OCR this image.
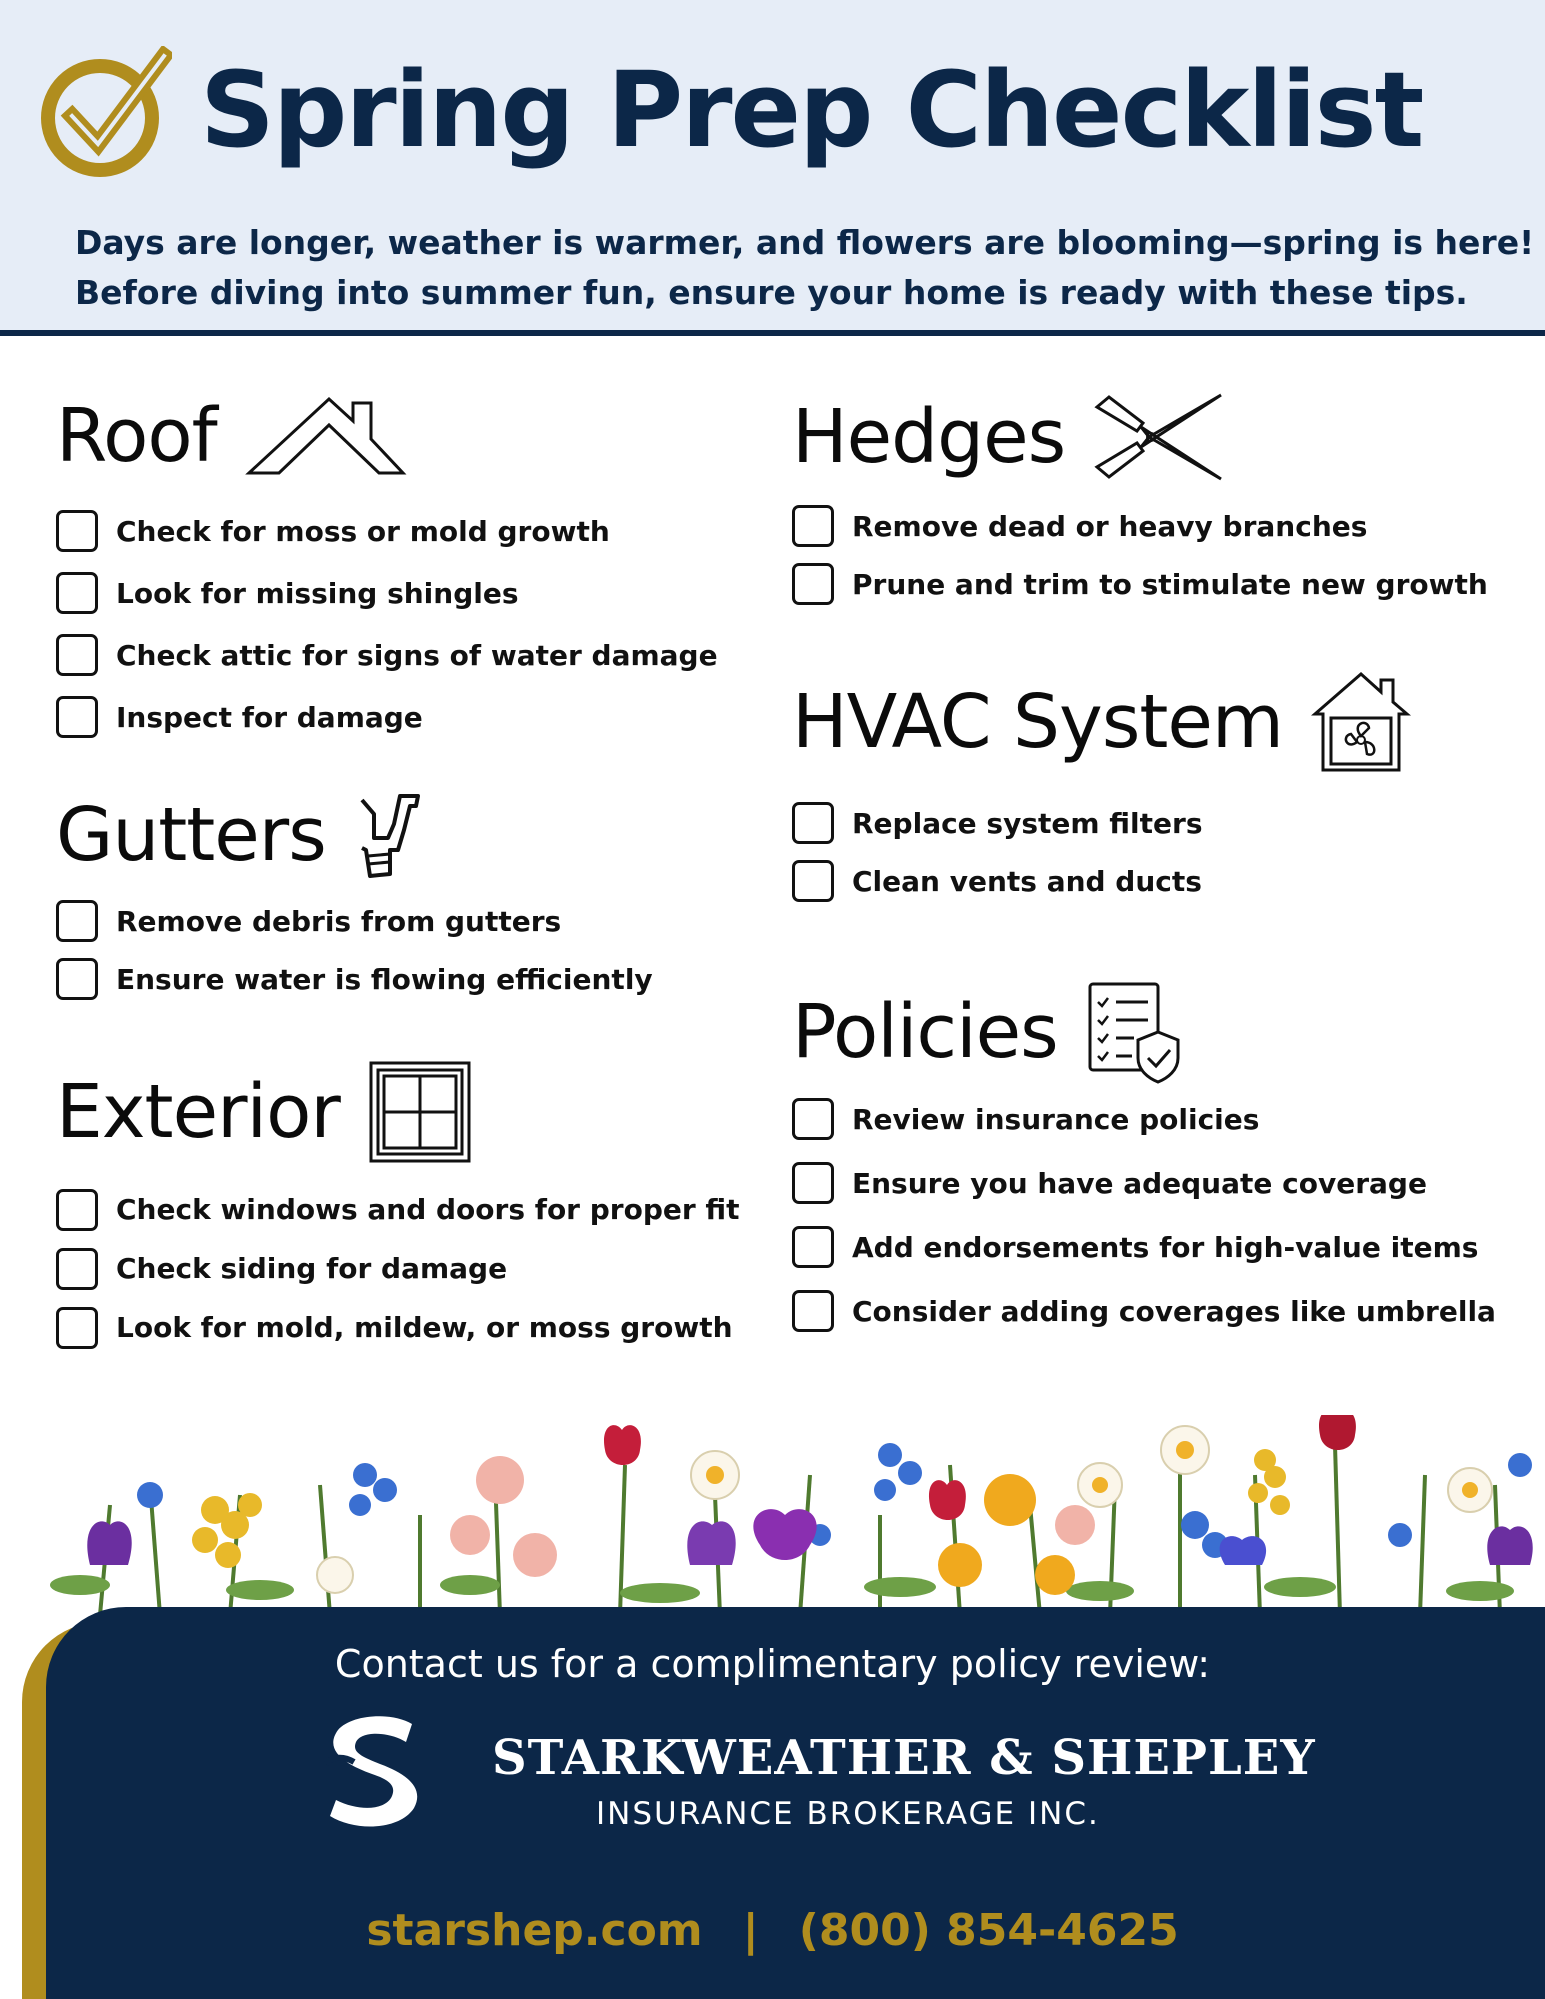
Spring Prep Checklist
Days are longer, weather is warmer, and flowers are blooming—spring is here!
Before diving into summer fun, ensure your home is ready with these tips.
Roof
Check for moss or mold growth
Look for missing shingles
Check attic for signs of water damage
Inspect for damage
Gutters
Remove debris from gutters
Ensure water is flowing efficiently
Exterior
Check windows and doors for proper fit
Check siding for damage
Look for mold, mildew, or moss growth
Hedges
Remove dead or heavy branches
Prune and trim to stimulate new growth
HVAC System
Replace system filters
Clean vents and ducts
Policies
Review insurance policies
Ensure you have adequate coverage
Add endorsements for high-value items
Consider adding coverages like umbrella
Contact us for a complimentary policy review:
STARKWEATHER & SHEPLEY
INSURANCE BROKERAGE INC.
starshep.com | (800) 854-4625
